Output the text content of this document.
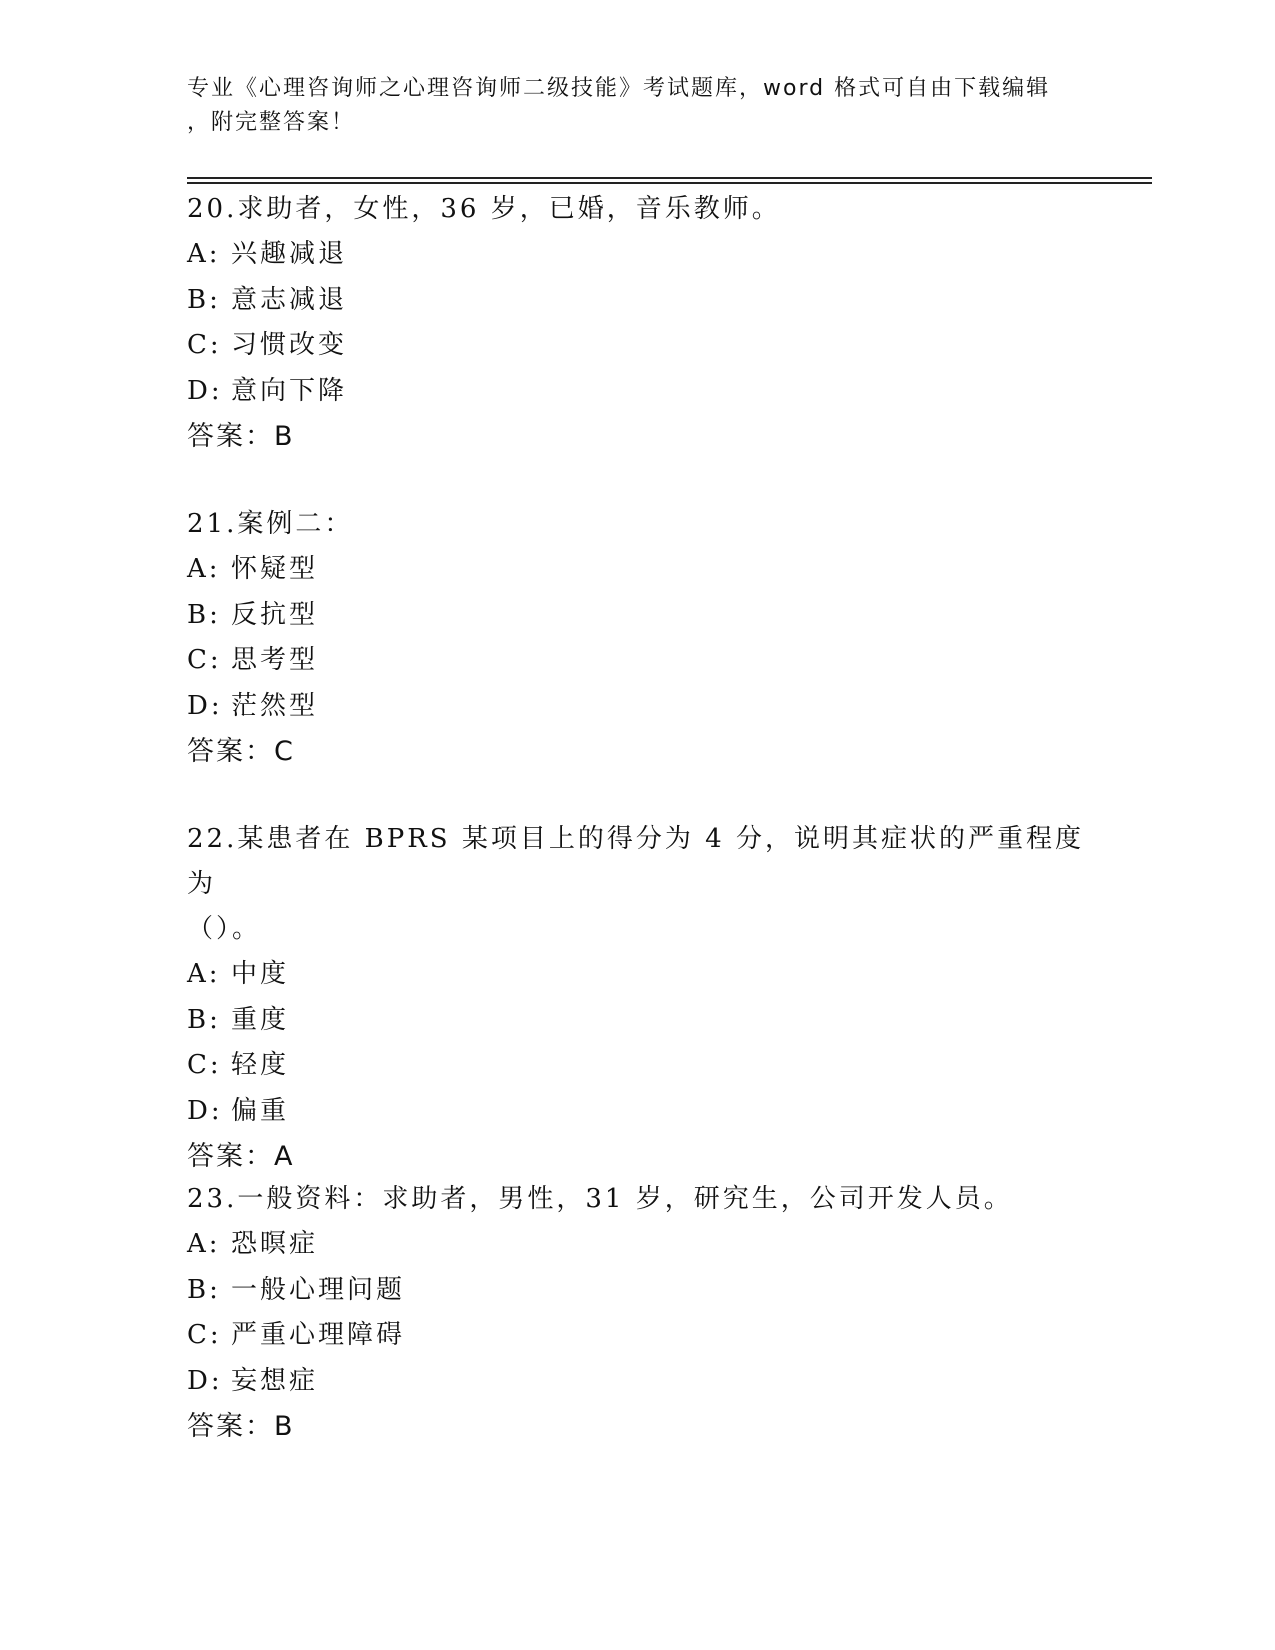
专业《心理咨询师之心理咨询师二级技能》考试题库，word 格式可自由下载编辑
，附完整答案！
20.求助者，女性，36 岁，已婚，音乐教师。
A: 兴趣减退
B: 意志减退
C: 习惯改变
D: 意向下降
答案：B
21.案例二：
A: 怀疑型
B: 反抗型
C: 思考型
D: 茫然型
答案：C
22.某患者在 BPRS 某项目上的得分为 4 分，说明其症状的严重程度为
（）。
A: 中度
B: 重度
C: 轻度
D: 偏重
答案：A
23.一般资料：求助者，男性，31 岁，研究生，公司开发人员。
A: 恐暝症
B: 一般心理问题
C: 严重心理障碍
D: 妄想症
答案：B
